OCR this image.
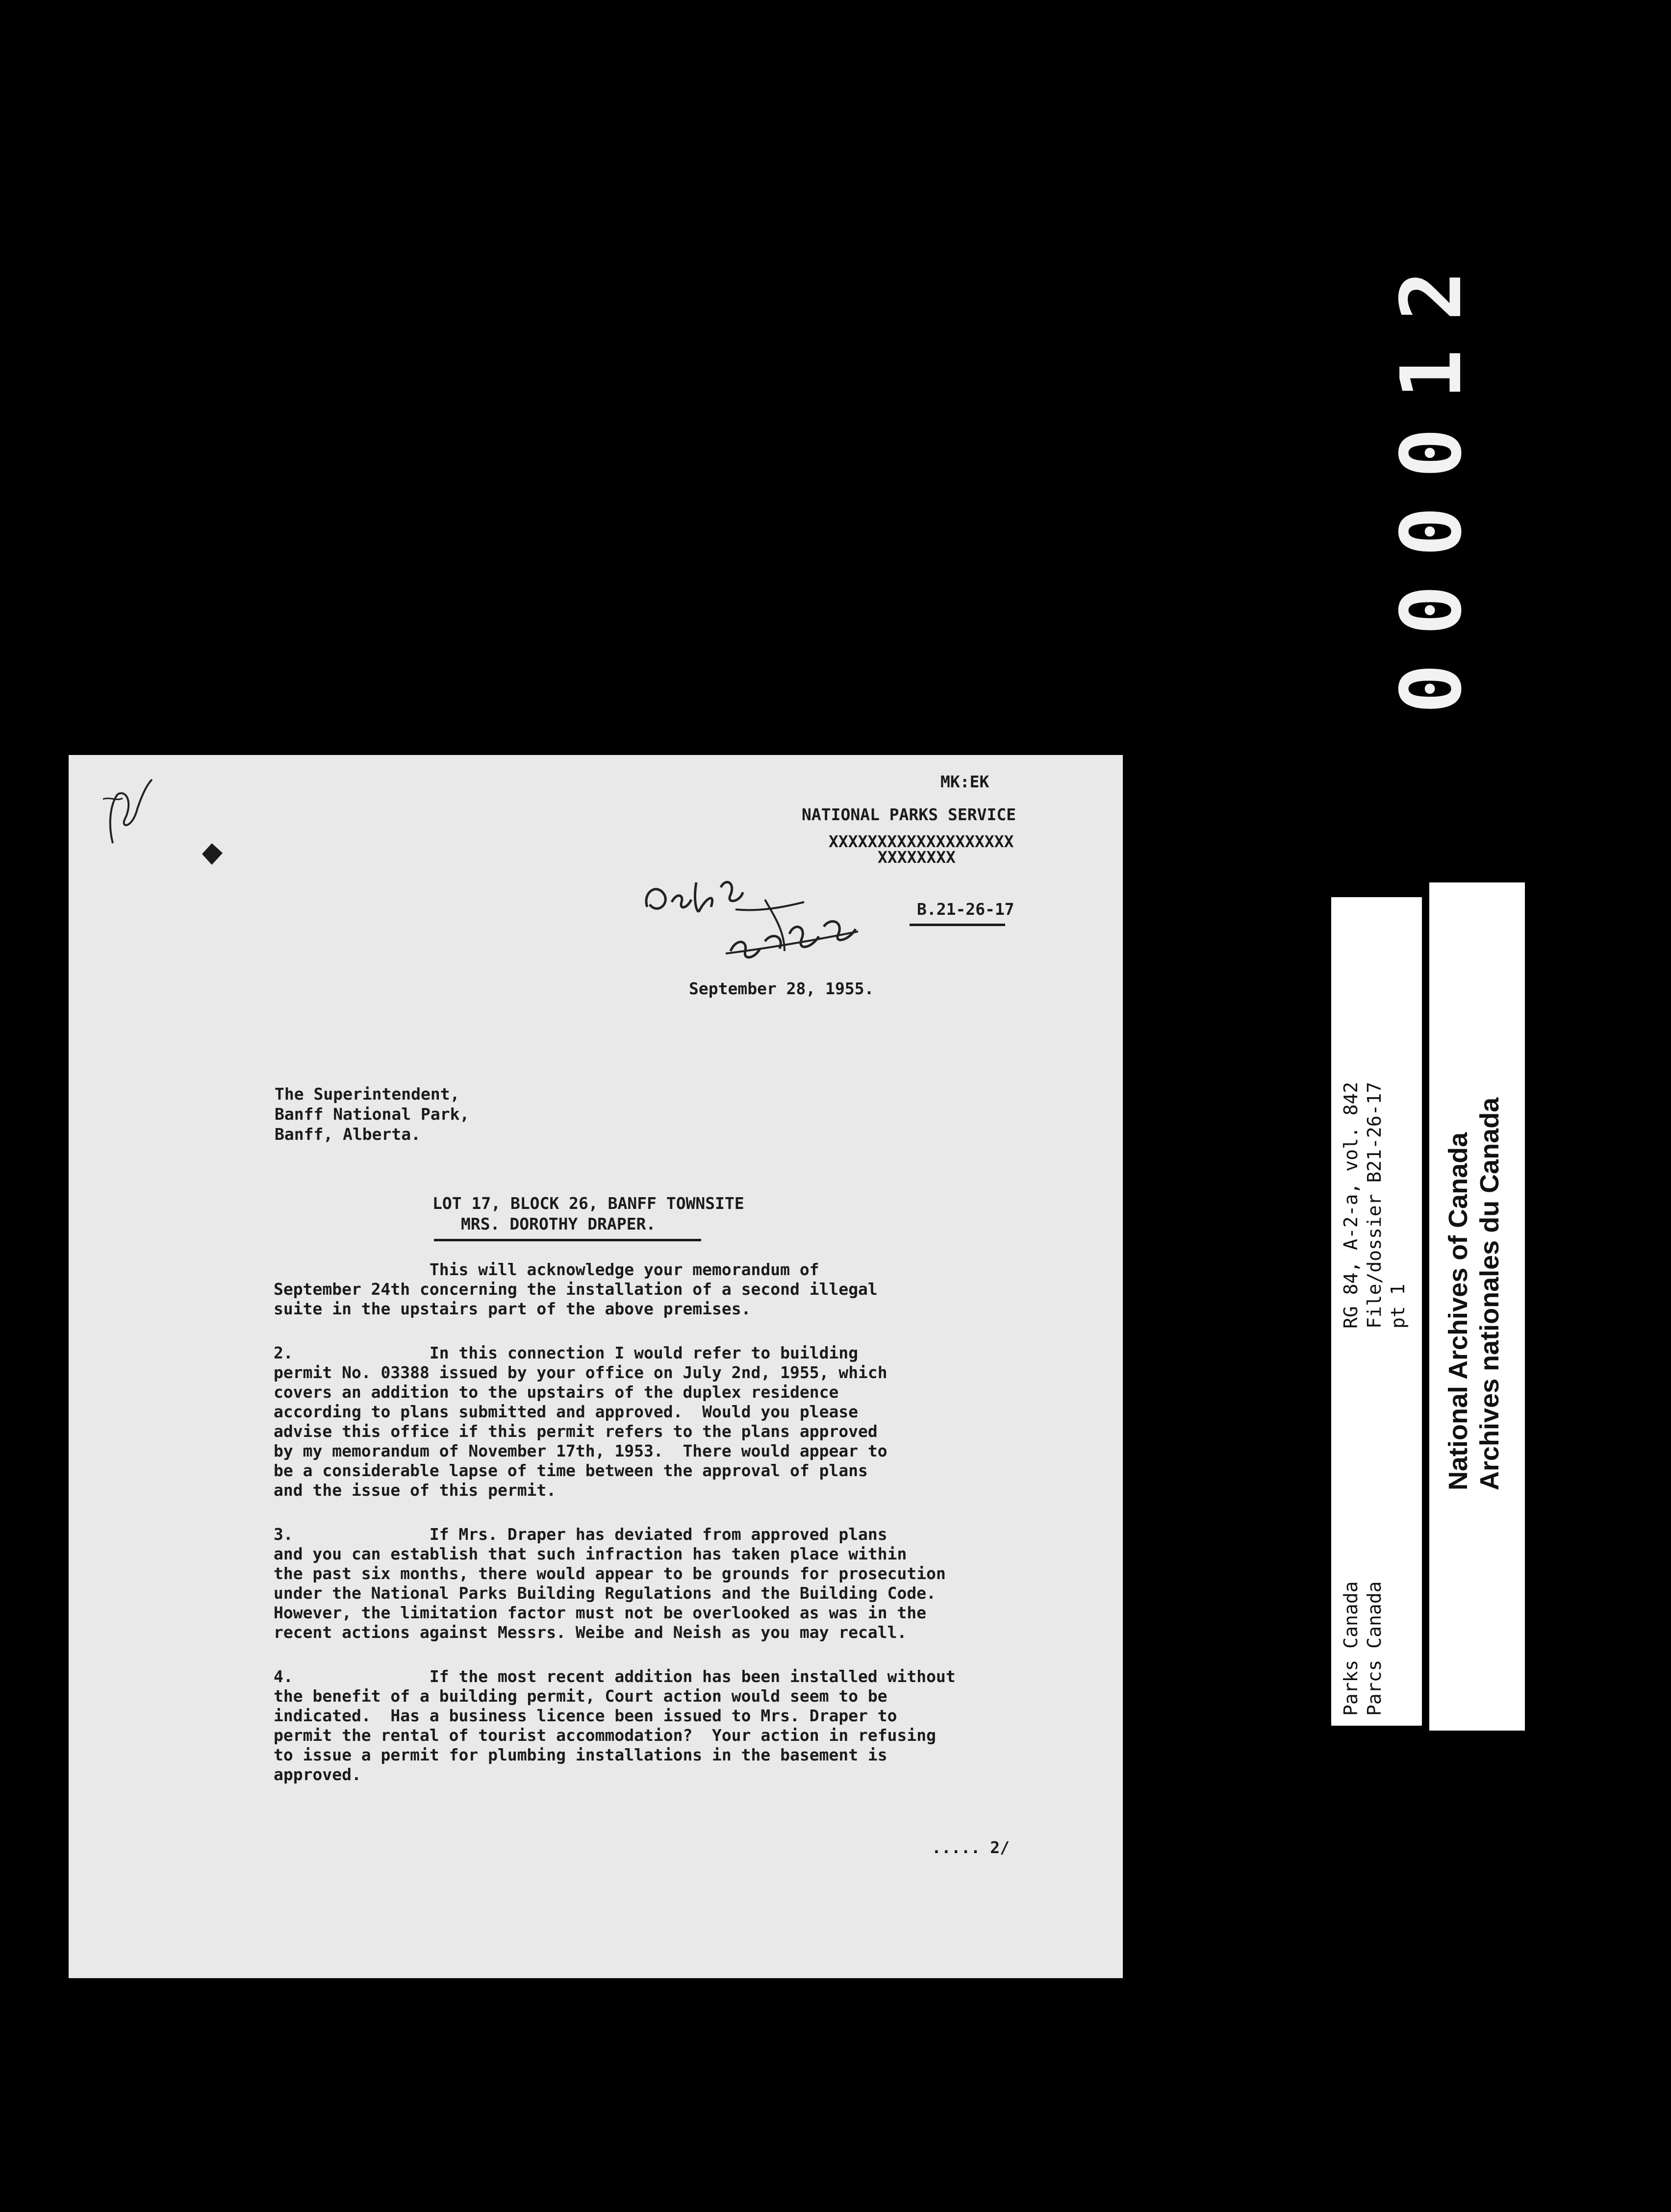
000012
RG 84, A-2-a, vol. 842 File/dossier B21-26-17 pt 1
Parks Canada Parcs Canada
National Archives of Canada Archives nationales du Canada
MK:EK
NATIONAL PARKS SERVICE
XXXXXXXXXXXXXXXXXXX
XXXXXXXX
B.21-26-17
September 28, 1955.
The Superintendent,
Banff National Park,
Banff, Alberta.
LOT 17, BLOCK 26, BANFF TOWNSITE
MRS. DOROTHY DRAPER.
This will acknowledge your memorandum of
September 24th concerning the installation of a second illegal
suite in the upstairs part of the above premises.
2.              In this connection I would refer to building
permit No. 03388 issued by your office on July 2nd, 1955, which
covers an addition to the upstairs of the duplex residence
according to plans submitted and approved.  Would you please
advise this office if this permit refers to the plans approved
by my memorandum of November 17th, 1953.  There would appear to
be a considerable lapse of time between the approval of plans
and the issue of this permit.
3.              If Mrs. Draper has deviated from approved plans
and you can establish that such infraction has taken place within
the past six months, there would appear to be grounds for prosecution
under the National Parks Building Regulations and the Building Code.
However, the limitation factor must not be overlooked as was in the
recent actions against Messrs. Weibe and Neish as you may recall.
4.              If the most recent addition has been installed without
the benefit of a building permit, Court action would seem to be
indicated.  Has a business licence been issued to Mrs. Draper to
permit the rental of tourist accommodation?  Your action in refusing
to issue a permit for plumbing installations in the basement is
approved.
..... 2/
